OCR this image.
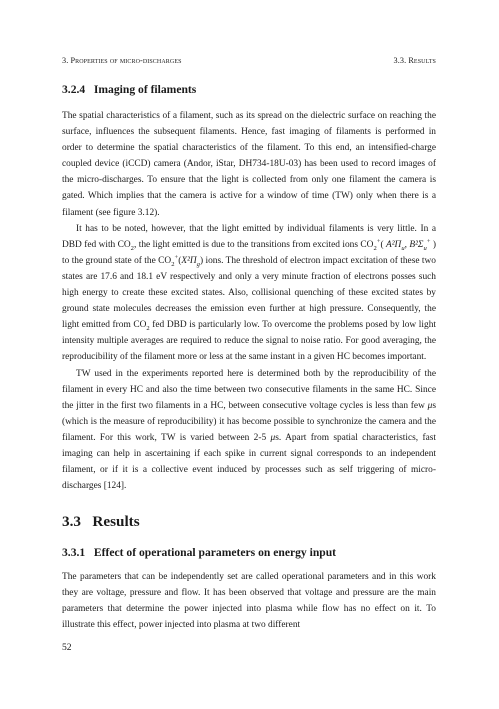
3. Properties of micro-discharges	3.3. Results
3.2.4 Imaging of filaments

The spatial characteristics of a filament, such as its spread on the dielectric surface on reaching the surface, influences the subsequent filaments. Hence, fast imaging of filaments is performed in order to determine the spatial characteristics of the filament. To this end, an intensified-charge coupled device (iCCD) camera (Andor, iStar, DH734-18U-03) has been used to record images of the micro-discharges. To ensure that the light is collected from only one filament the camera is gated. Which implies that the camera is active for a window of time (TW) only when there is a filament (see figure 3.12).

It has to be noted, however, that the light emitted by individual filaments is very little. In a DBD fed with $CO_2$, the light emitted is due to the transitions from excited ions $CO_2^+$( $A^2\Pi_u$, $B^2\Sigma_u^+$ ) to the ground state of the $CO_2^+(X^2\Pi_g)$ ions. The threshold of electron impact excitation of these two states are 17.6 and 18.1 eV respectively and only a very minute fraction of electrons posses such high energy to create these excited states. Also, collisional quenching of these excited states by ground state molecules decreases the emission even further at high pressure. Consequently, the light emitted from $CO_2$ fed DBD is particularly low. To overcome the problems posed by low light intensity multiple averages are required to reduce the signal to noise ratio. For good averaging, the reproducibility of the filament more or less at the same instant in a given HC becomes important.

TW used in the experiments reported here is determined both by the reproducibility of the filament in every HC and also the time between two consecutive filaments in the same HC. Since the jitter in the first two filaments in a HC, between consecutive voltage cycles is less than few μs (which is the measure of reproducibility) it has become possible to synchronize the camera and the filament. For this work, TW is varied between 2-5 μs. Apart from spatial characteristics, fast imaging can help in ascertaining if each spike in current signal corresponds to an independent filament, or if it is a collective event induced by processes such as self triggering of micro-discharges [124].

3.3 Results
3.3.1 Effect of operational parameters on energy input

The parameters that can be independently set are called operational parameters and in this work they are voltage, pressure and flow. It has been observed that voltage and pressure are the main parameters that determine the power injected into plasma while flow has no effect on it. To illustrate this effect, power injected into plasma at two different

52
